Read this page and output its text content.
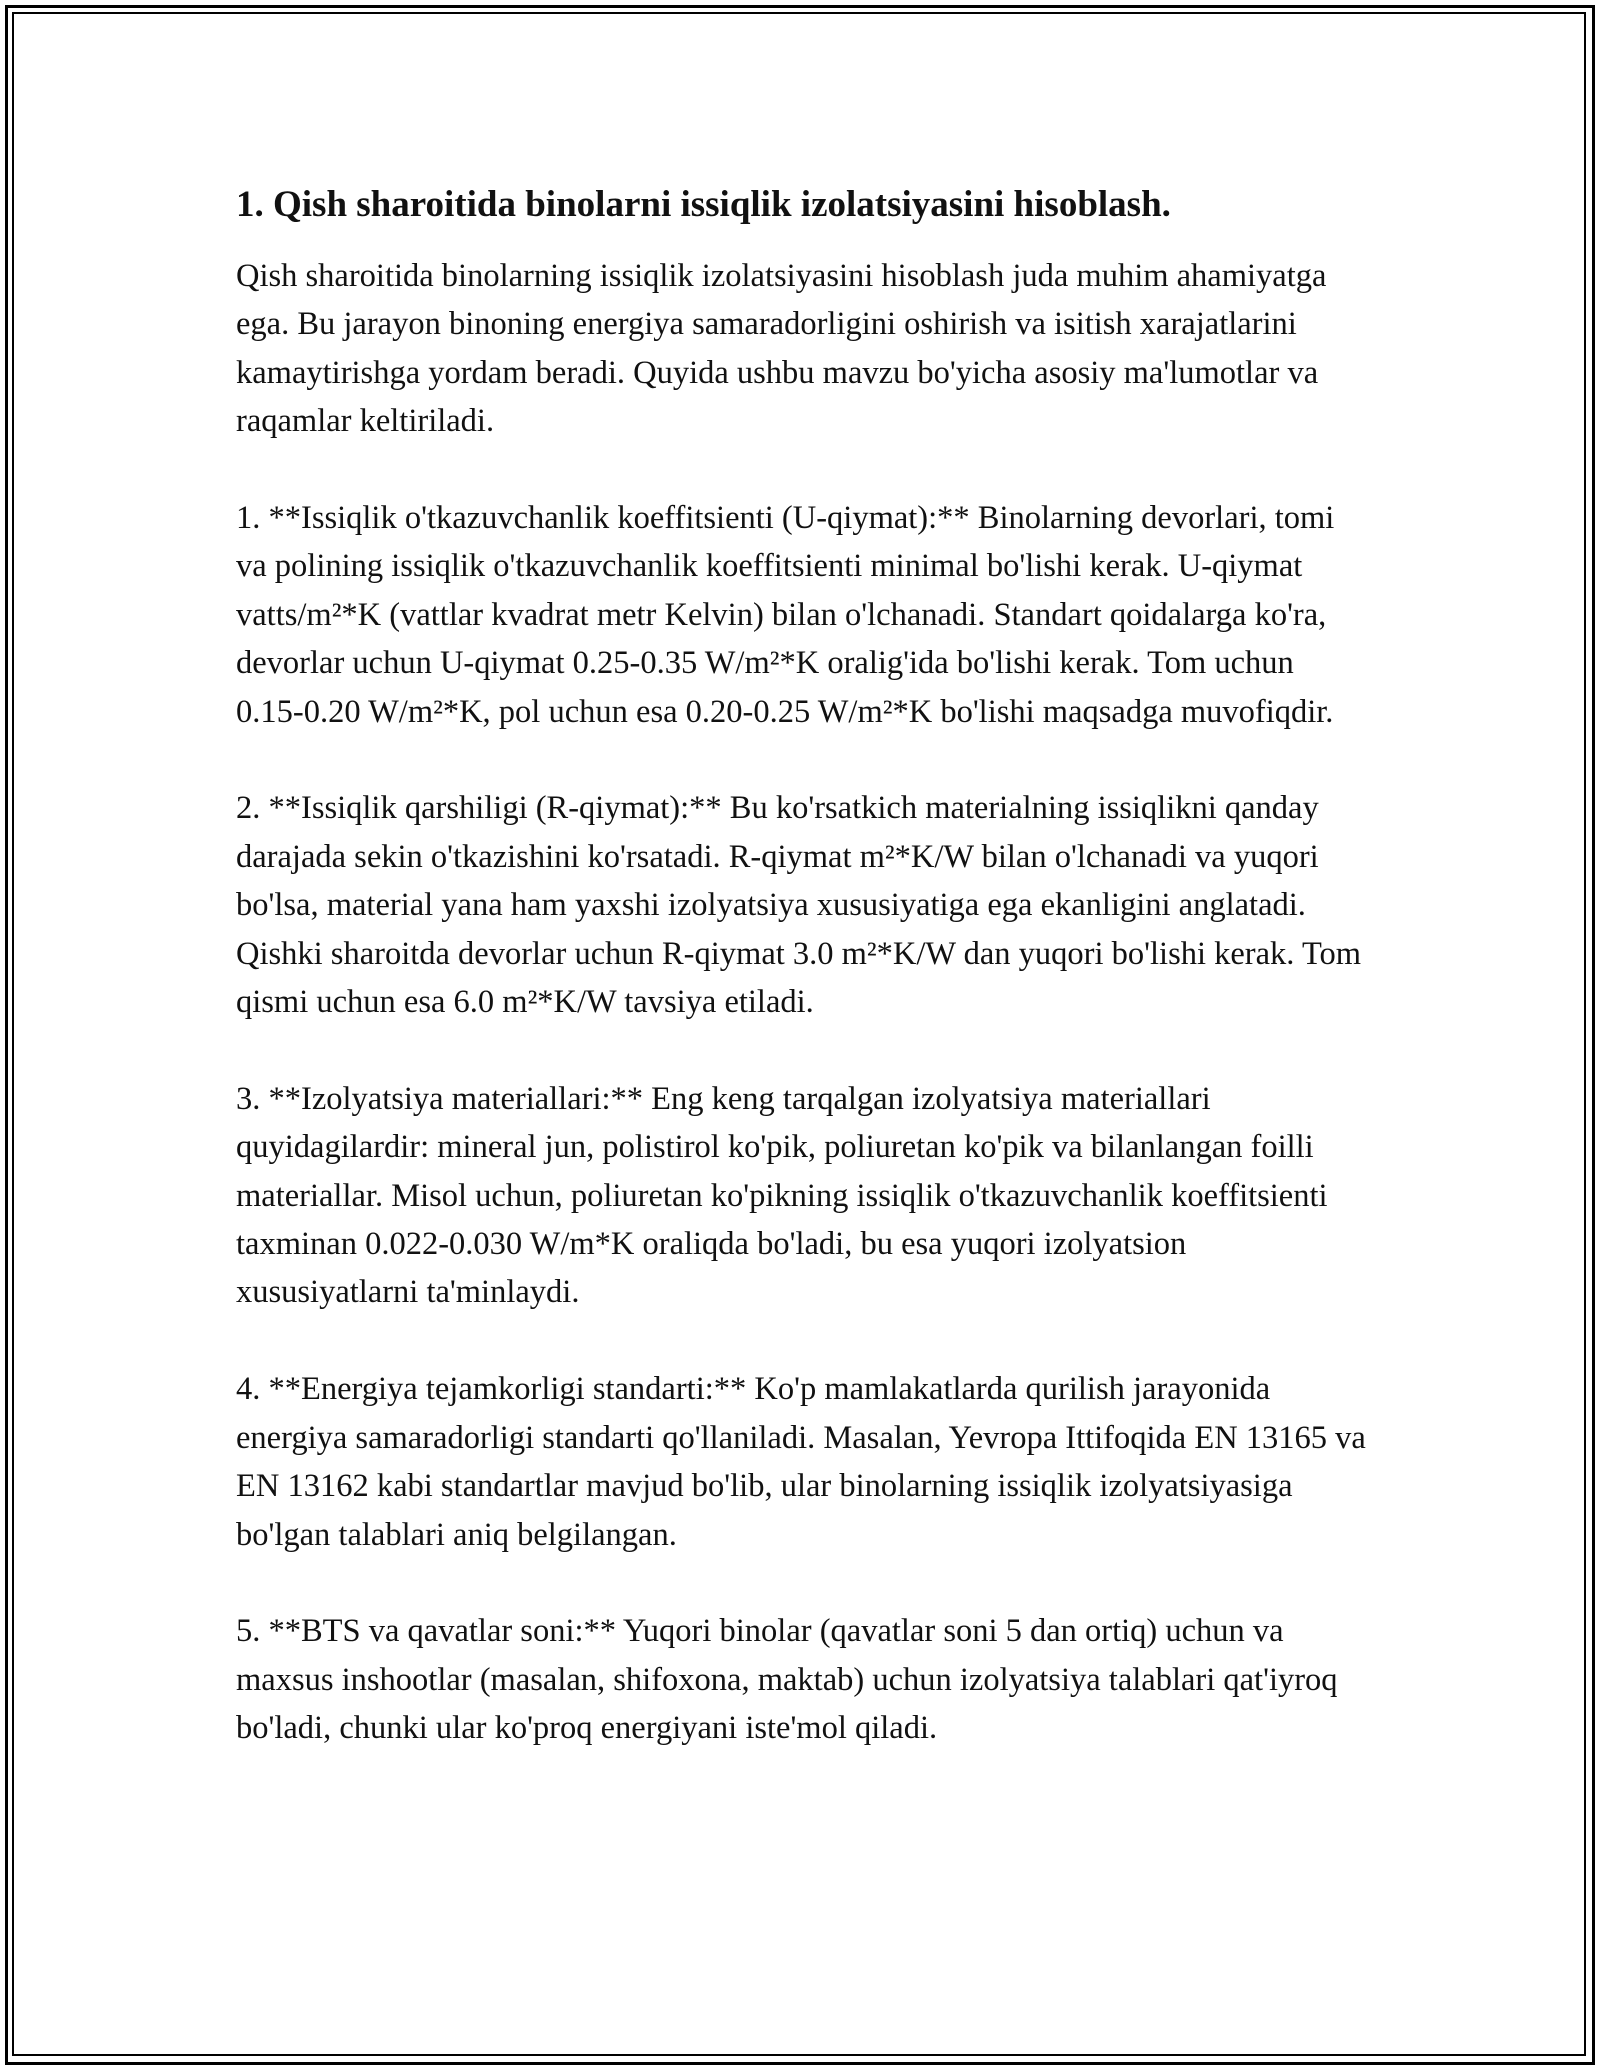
1. Qish sharoitida binolarni issiqlik izolatsiyasini hisoblash.

Qish sharoitida binolarning issiqlik izolatsiyasini hisoblash juda muhim ahamiyatga ega. Bu jarayon binoning energiya samaradorligini oshirish va isitish xarajatlarini kamaytirishga yordam beradi. Quyida ushbu mavzu bo'yicha asosiy ma'lumotlar va raqamlar keltiriladi.

1. **Issiqlik o'tkazuvchanlik koeffitsienti (U-qiymat):** Binolarning devorlari, tomi va polining issiqlik o'tkazuvchanlik koeffitsienti minimal bo'lishi kerak. U-qiymat vatts/m²*K (vattlar kvadrat metr Kelvin) bilan o'lchanadi. Standart qoidalarga ko'ra, devorlar uchun U-qiymat 0.25-0.35 W/m²*K oralig'ida bo'lishi kerak. Tom uchun 0.15-0.20 W/m²*K, pol uchun esa 0.20-0.25 W/m²*K bo'lishi maqsadga muvofiqdir.

2. **Issiqlik qarshiligi (R-qiymat):** Bu ko'rsatkich materialning issiqlikni qanday darajada sekin o'tkazishini ko'rsatadi. R-qiymat m²*K/W bilan o'lchanadi va yuqori bo'lsa, material yana ham yaxshi izolyatsiya xususiyatiga ega ekanligini anglatadi. Qishki sharoitda devorlar uchun R-qiymat 3.0 m²*K/W dan yuqori bo'lishi kerak. Tom qismi uchun esa 6.0 m²*K/W tavsiya etiladi.

3. **Izolyatsiya materiallari:** Eng keng tarqalgan izolyatsiya materiallari quyidagilardir: mineral jun, polistirol ko'pik, poliuretan ko'pik va bilanlangan foilli materiallar. Misol uchun, poliuretan ko'pikning issiqlik o'tkazuvchanlik koeffitsienti taxminan 0.022-0.030 W/m*K oraliqda bo'ladi, bu esa yuqori izolyatsion xususiyatlarni ta'minlaydi.

4. **Energiya tejamkorligi standarti:** Ko'p mamlakatlarda qurilish jarayonida energiya samaradorligi standarti qo'llaniladi. Masalan, Yevropa Ittifoqida EN 13165 va EN 13162 kabi standartlar mavjud bo'lib, ular binolarning issiqlik izolyatsiyasiga bo'lgan talablari aniq belgilangan.

5. **BTS va qavatlar soni:** Yuqori binolar (qavatlar soni 5 dan ortiq) uchun va maxsus inshootlar (masalan, shifoxona, maktab) uchun izolyatsiya talablari qat'iyroq bo'ladi, chunki ular ko'proq energiyani iste'mol qiladi.
